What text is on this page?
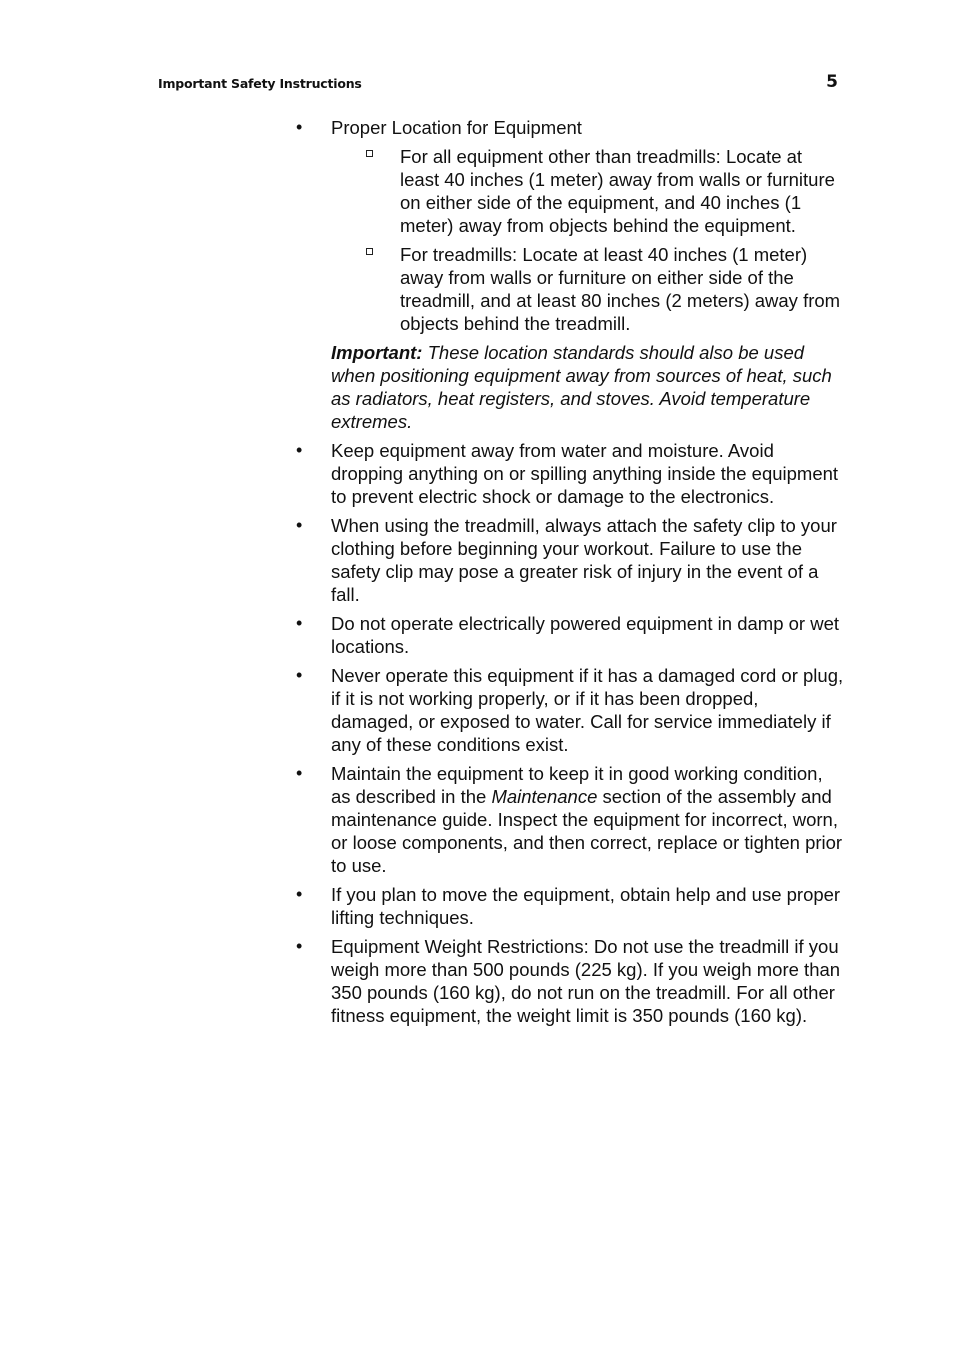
Important Safety Instructions	5
• Proper Location for Equipment
For all equipment other than treadmills: Locate at least 40 inches (1 meter) away from walls or furniture on either side of the equipment, and 40 inches (1 meter) away from objects behind the equipment.
For treadmills: Locate at least 40 inches (1 meter) away from walls or furniture on either side of the treadmill, and at least 80 inches (2 meters) away from objects behind the treadmill.
Important: These location standards should also be used when positioning equipment away from sources of heat, such as radiators, heat registers, and stoves. Avoid temperature extremes.
• Keep equipment away from water and moisture. Avoid dropping anything on or spilling anything inside the equipment to prevent electric shock or damage to the electronics.
• When using the treadmill, always attach the safety clip to your clothing before beginning your workout. Failure to use the safety clip may pose a greater risk of injury in the event of a fall.
• Do not operate electrically powered equipment in damp or wet locations.
• Never operate this equipment if it has a damaged cord or plug, if it is not working properly, or if it has been dropped, damaged, or exposed to water. Call for service immediately if any of these conditions exist.
• Maintain the equipment to keep it in good working condition, as described in the Maintenance section of the assembly and maintenance guide. Inspect the equipment for incorrect, worn, or loose components, and then correct, replace or tighten prior to use.
• If you plan to move the equipment, obtain help and use proper lifting techniques.
• Equipment Weight Restrictions: Do not use the treadmill if you weigh more than 500 pounds (225 kg). If you weigh more than 350 pounds (160 kg), do not run on the treadmill. For all other fitness equipment, the weight limit is 350 pounds (160 kg).
